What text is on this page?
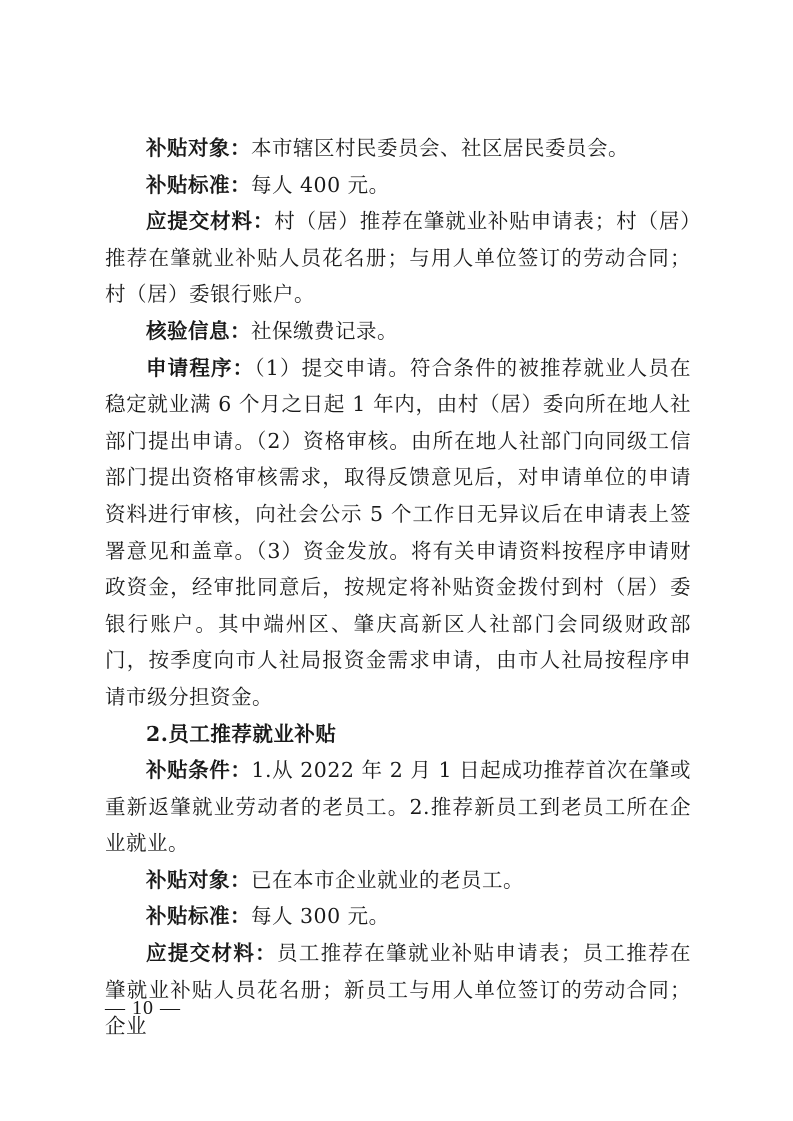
补贴对象：本市辖区村民委员会、社区居民委员会。

补贴标准：每人 400 元。

应提交材料：村（居）推荐在肇就业补贴申请表；村（居）推荐在肇就业补贴人员花名册；与用人单位签订的劳动合同；村（居）委银行账户。

核验信息：社保缴费记录。

申请程序：（1）提交申请。符合条件的被推荐就业人员在稳定就业满 6 个月之日起 1 年内，由村（居）委向所在地人社部门提出申请。（2）资格审核。由所在地人社部门向同级工信部门提出资格审核需求，取得反馈意见后，对申请单位的申请资料进行审核，向社会公示 5 个工作日无异议后在申请表上签署意见和盖章。（3）资金发放。将有关申请资料按程序申请财政资金，经审批同意后，按规定将补贴资金拨付到村（居）委银行账户。其中端州区、肇庆高新区人社部门会同级财政部门，按季度向市人社局报资金需求申请，由市人社局按程序申请市级分担资金。

2.员工推荐就业补贴

补贴条件：1.从 2022 年 2 月 1 日起成功推荐首次在肇或重新返肇就业劳动者的老员工。2.推荐新员工到老员工所在企业就业。

补贴对象：已在本市企业就业的老员工。

补贴标准：每人 300 元。

应提交材料：员工推荐在肇就业补贴申请表；员工推荐在肇就业补贴人员花名册；新员工与用人单位签订的劳动合同；企业

— 10 —
